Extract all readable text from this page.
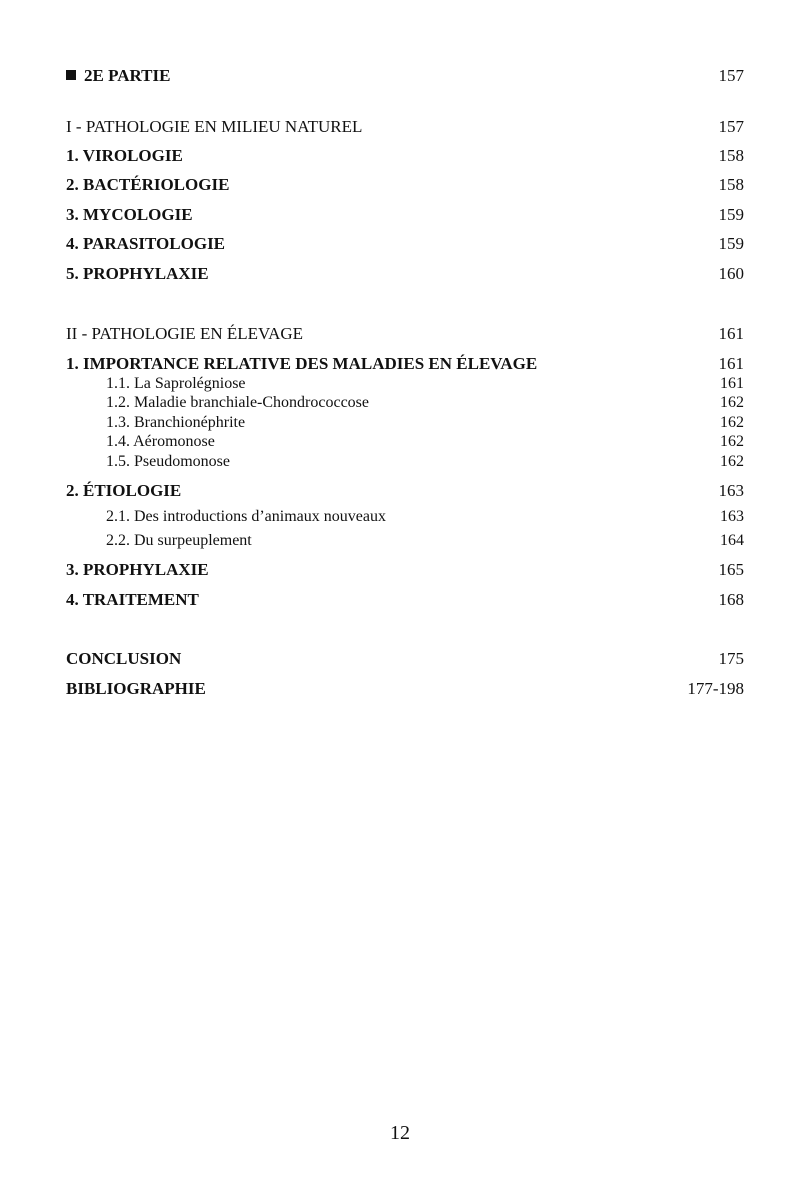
2E PARTIE	157
I - PATHOLOGIE EN MILIEU NATUREL	157
1. VIROLOGIE	158
2. BACTÉRIOLOGIE	158
3. MYCOLOGIE	159
4. PARASITOLOGIE	159
5. PROPHYLAXIE	160
II - PATHOLOGIE EN ÉLEVAGE	161
1. IMPORTANCE RELATIVE DES MALADIES EN ÉLEVAGE	161
1.1. La Saprolégniose	161
1.2. Maladie branchiale-Chondrococcose	162
1.3. Branchionéphrite	162
1.4. Aéromonose	162
1.5. Pseudomonose	162
2. ÉTIOLOGIE	163
2.1. Des introductions d’animaux nouveaux	163
2.2. Du surpeuplement	164
3. PROPHYLAXIE	165
4. TRAITEMENT	168
CONCLUSION	175
BIBLIOGRAPHIE	177-198
12
